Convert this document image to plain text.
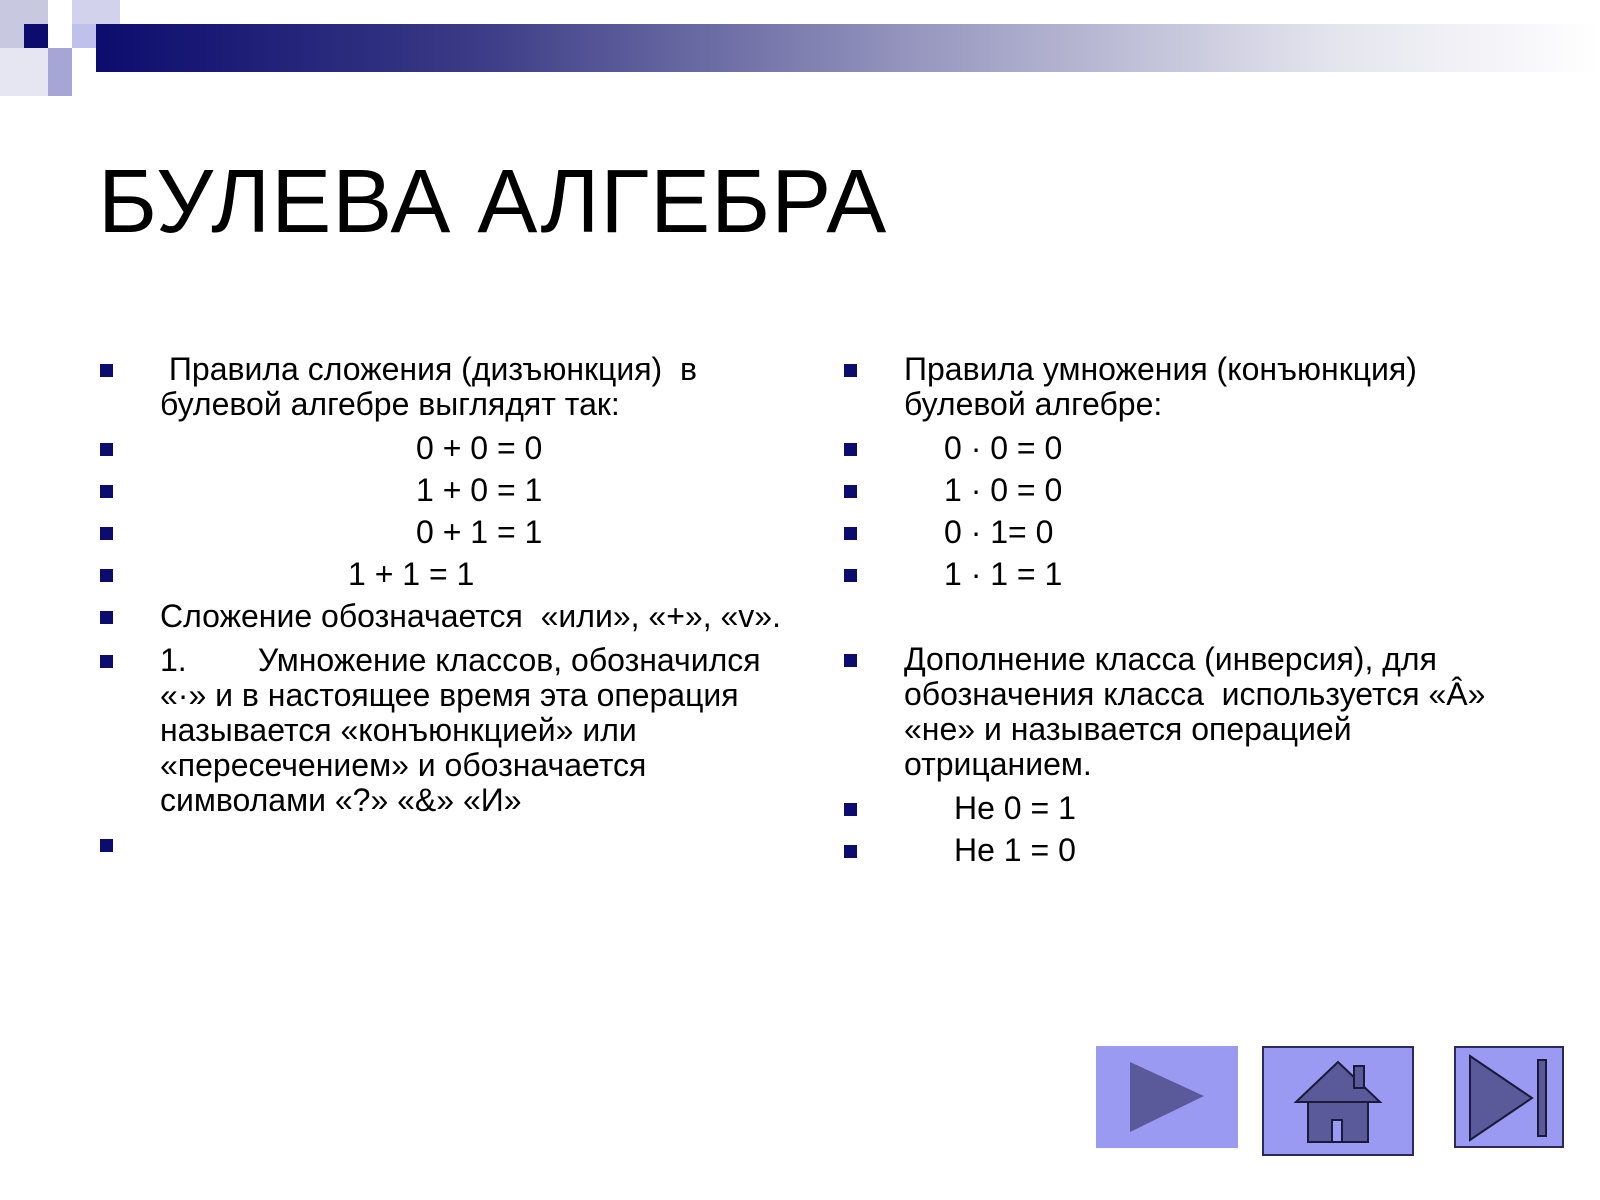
БУЛЕВА АЛГЕБРА
Правила сложения (дизъюнкция)  в булевой алгебре выглядят так:
0 + 0 = 0
1 + 0 = 1
0 + 1 = 1
1 + 1 = 1
Сложение обозначается  «или», «+», «v».
1.        Умножение классов, обозначился  «·» и в настоящее время эта операция называется «конъюнкцией» или «пересечением» и обозначается символами «?» «&» «И»
Правила умножения (конъюнкция) булевой алгебре:
0 · 0 = 0
1 · 0 = 0
0 · 1= 0
1 · 1 = 1
Дополнение класса (инверсия), для обозначения класса  используется «Â»  «не» и называется операцией отрицанием.
Не 0 = 1
Не 1 = 0
